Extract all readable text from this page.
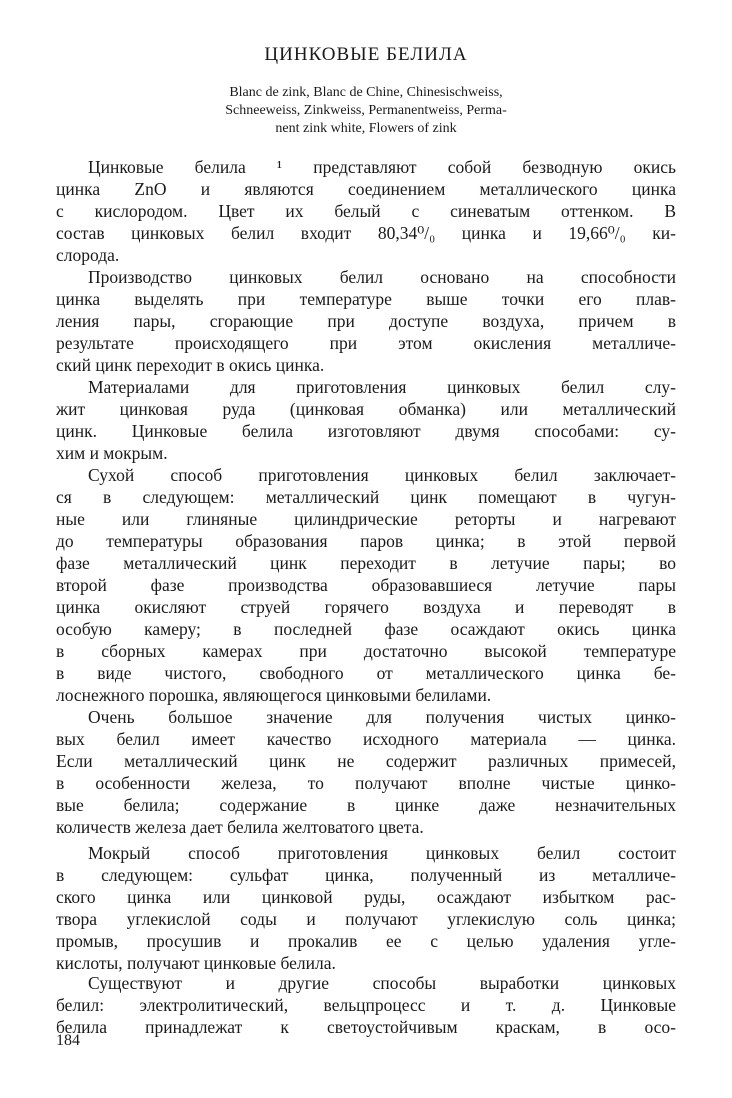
ЦИНКОВЫЕ БЕЛИЛА
Blanc de zink, Blanc de Chine, Chinesischweiss,
Schneeweiss, Zinkweiss, Permanentweiss, Perma-
nent zink white, Flowers of zink
Цинковые белила ¹ представляют собой безводную окись
цинка ZnO и являются соединением металлического цинка
с кислородом. Цвет их белый с синеватым оттенком. В
состав цинковых белил входит 80,34⁰/₀ цинка и 19,66⁰/₀ ки-
слорода.
Производство цинковых белил основано на способности
цинка выделять при температуре выше точки его плав-
ления пары, сгорающие при доступе воздуха, причем в
результате происходящего при этом окисления металличе-
ский цинк переходит в окись цинка.
Материалами для приготовления цинковых белил слу-
жит цинковая руда (цинковая обманка) или металлический
цинк. Цинковые белила изготовляют двумя способами: су-
хим и мокрым.
Сухой способ приготовления цинковых белил заключает-
ся в следующем: металлический цинк помещают в чугун-
ные или глиняные цилиндрические реторты и нагревают
до температуры образования паров цинка; в этой первой
фазе металлический цинк переходит в летучие пары; во
второй фазе производства образовавшиеся летучие пары
цинка окисляют струей горячего воздуха и переводят в
особую камеру; в последней фазе осаждают окись цинка
в сборных камерах при достаточно высокой температуре
в виде чистого, свободного от металлического цинка бе-
лоснежного порошка, являющегося цинковыми белилами.
Очень большое значение для получения чистых цинко-
вых белил имеет качество исходного материала — цинка.
Если металлический цинк не содержит различных примесей,
в особенности железа, то получают вполне чистые цинко-
вые белила; содержание в цинке даже незначительных
количеств железа дает белила желтоватого цвета.
Мокрый способ приготовления цинковых белил состоит
в следующем: сульфат цинка, полученный из металличе-
ского цинка или цинковой руды, осаждают избытком рас-
твора углекислой соды и получают углекислую соль цинка;
промыв, просушив и прокалив ее с целью удаления угле-
кислоты, получают цинковые белила.
Существуют и другие способы выработки цинковых
белил: электролитический, вельцпроцесс и т. д. Цинковые
белила принадлежат к светоустойчивым краскам, в осо-
184
